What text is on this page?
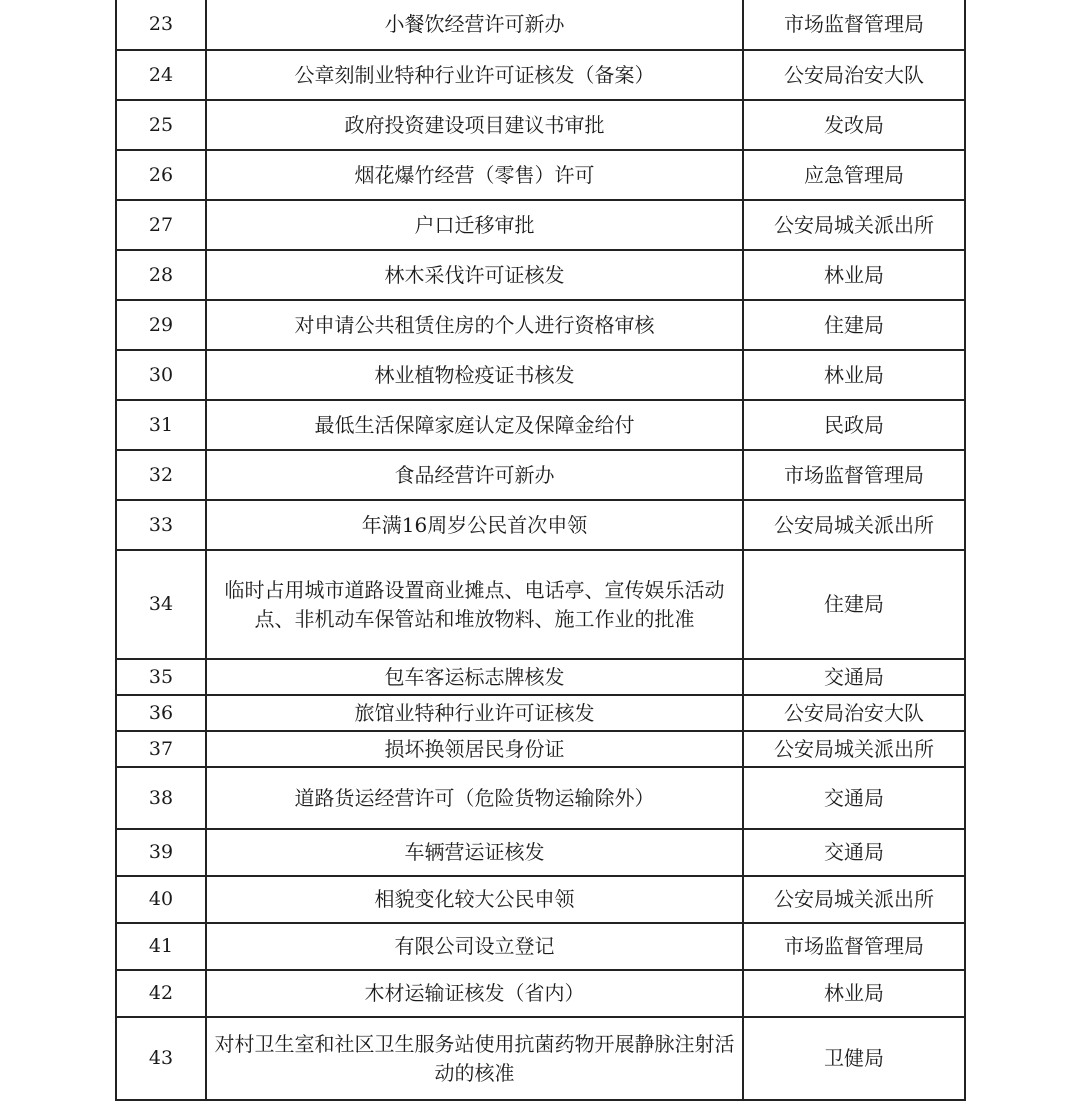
23	小餐饮经营许可新办	市场监督管理局
24	公章刻制业特种行业许可证核发（备案）	公安局治安大队
25	政府投资建设项目建议书审批	发改局
26	烟花爆竹经营（零售）许可	应急管理局
27	户口迁移审批	公安局城关派出所
28	林木采伐许可证核发	林业局
29	对申请公共租赁住房的个人进行资格审核	住建局
30	林业植物检疫证书核发	林业局
31	最低生活保障家庭认定及保障金给付	民政局
32	食品经营许可新办	市场监督管理局
33	年满16周岁公民首次申领	公安局城关派出所
34	临时占用城市道路设置商业摊点、电话亭、宣传娱乐活动点、非机动车保管站和堆放物料、施工作业的批准	住建局
35	包车客运标志牌核发	交通局
36	旅馆业特种行业许可证核发	公安局治安大队
37	损坏换领居民身份证	公安局城关派出所
38	道路货运经营许可（危险货物运输除外）	交通局
39	车辆营运证核发	交通局
40	相貌变化较大公民申领	公安局城关派出所
41	有限公司设立登记	市场监督管理局
42	木材运输证核发（省内）	林业局
43	对村卫生室和社区卫生服务站使用抗菌药物开展静脉注射活动的核准	卫健局
